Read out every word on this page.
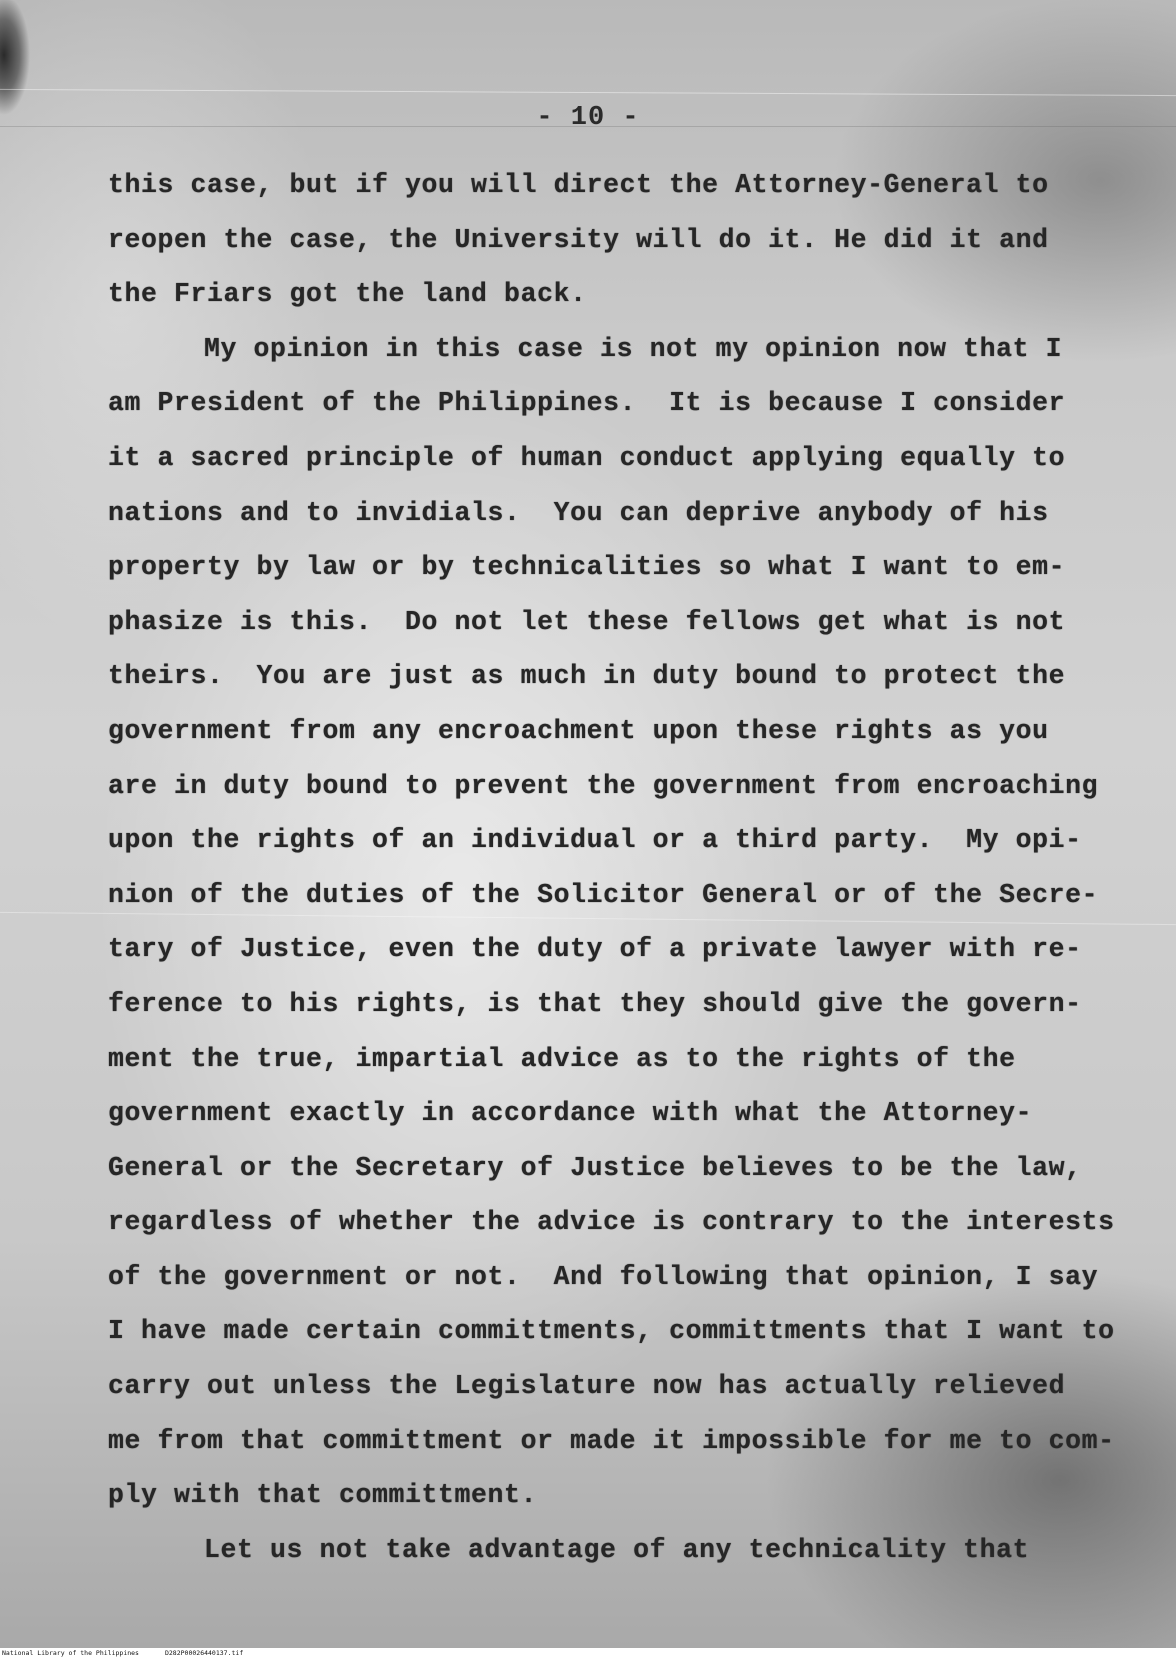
- 10 -
this case, but if you will direct the Attorney-General to
reopen the case, the University will do it. He did it and
the Friars got the land back.
My opinion in this case is not my opinion now that I
am President of the Philippines.  It is because I consider
it a sacred principle of human conduct applying equally to
nations and to invidials.  You can deprive anybody of his
property by law or by technicalities so what I want to em-
phasize is this.  Do not let these fellows get what is not
theirs.  You are just as much in duty bound to protect the
government from any encroachment upon these rights as you
are in duty bound to prevent the government from encroaching
upon the rights of an individual or a third party.  My opi-
nion of the duties of the Solicitor General or of the Secre-
tary of Justice, even the duty of a private lawyer with re-
ference to his rights, is that they should give the govern-
ment the true, impartial advice as to the rights of the
government exactly in accordance with what the Attorney-
General or the Secretary of Justice believes to be the law,
regardless of whether the advice is contrary to the interests
of the government or not.  And following that opinion, I say
I have made certain committments, committments that I want to
carry out unless the Legislature now has actually relieved
me from that committment or made it impossible for me to com-
ply with that committment.
Let us not take advantage of any technicality that
National Library of the Philippines	D282P00026440137.tif
